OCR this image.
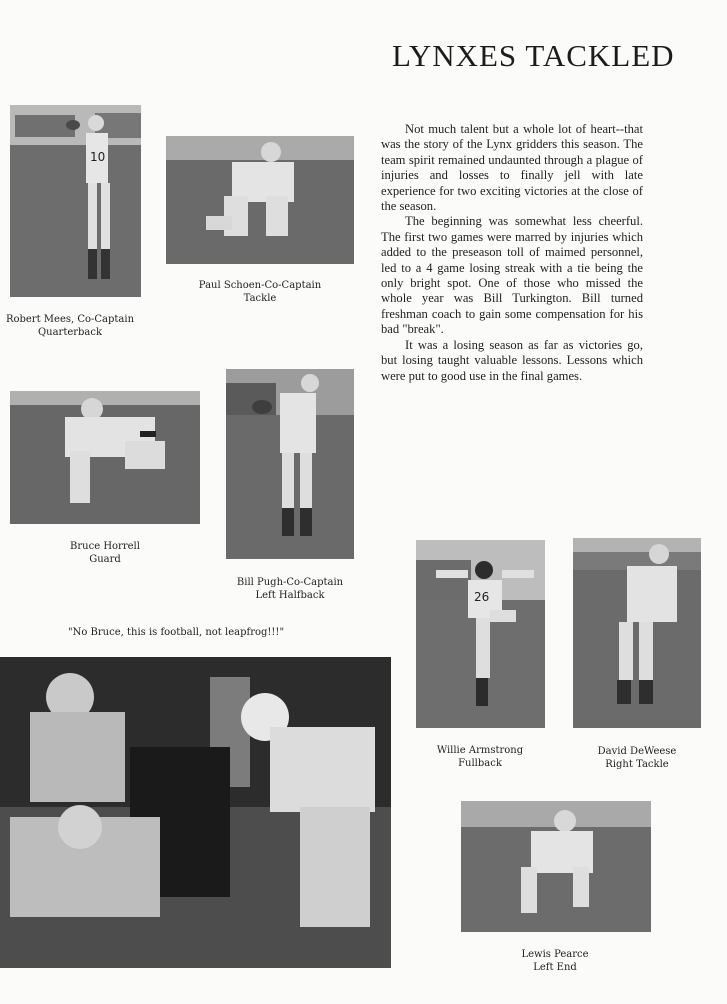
LYNXES TACKLED

Not much talent but a whole lot of heart--that was the story of the Lynx gridders this season. The team spirit remained undaunted through a plague of injuries and losses to finally jell with late experience for two exciting victories at the close of the season.

The beginning was somewhat less cheerful. The first two games were marred by injuries which added to the preseason toll of maimed personnel, led to a 4 game losing streak with a tie being the only bright spot. One of those who missed the whole year was Bill Turkington. Bill turned freshman coach to gain some compensation for his bad "break".

It was a losing season as far as victories go, but losing taught valuable lessons. Lessons which were put to good use in the final games.

10
Robert Mees, Co-Captain
Quarterback
Paul Schoen-Co-Captain
Tackle
Bruce Horrell
Guard
Bill Pugh-Co-Captain
Left Halfback	26
Willie Armstrong
Fullback
David DeWeese
Right Tackle
Lewis Pearce
Left End
"No Bruce, this is football, not leapfrog!!!"
